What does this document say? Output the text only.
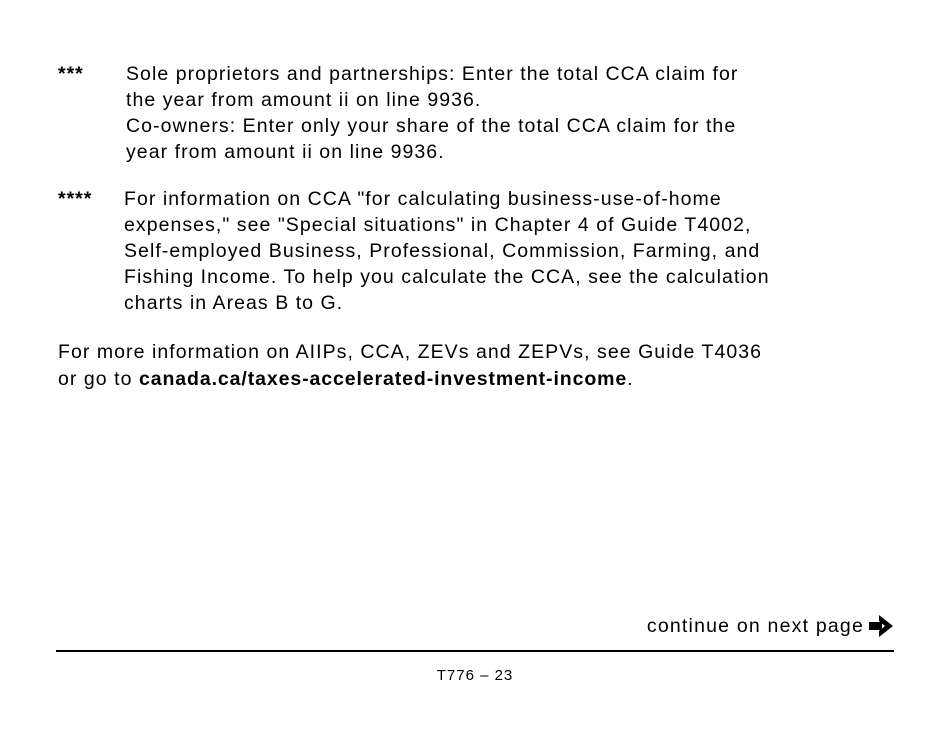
*** Sole proprietors and partnerships: Enter the total CCA claim for
the year from amount ii on line 9936.
Co-owners: Enter only your share of the total CCA claim for the
year from amount ii on line 9936.
**** For information on CCA "for calculating business-use-of-home
expenses," see "Special situations" in Chapter 4 of Guide T4002,
Self-employed Business, Professional, Commission, Farming, and
Fishing Income. To help you calculate the CCA, see the calculation
charts in Areas B to G.
For more information on AIIPs, CCA, ZEVs and ZEPVs, see Guide T4036
or go to canada.ca/taxes-accelerated-investment-income.
continue on next page
T776 – 23
